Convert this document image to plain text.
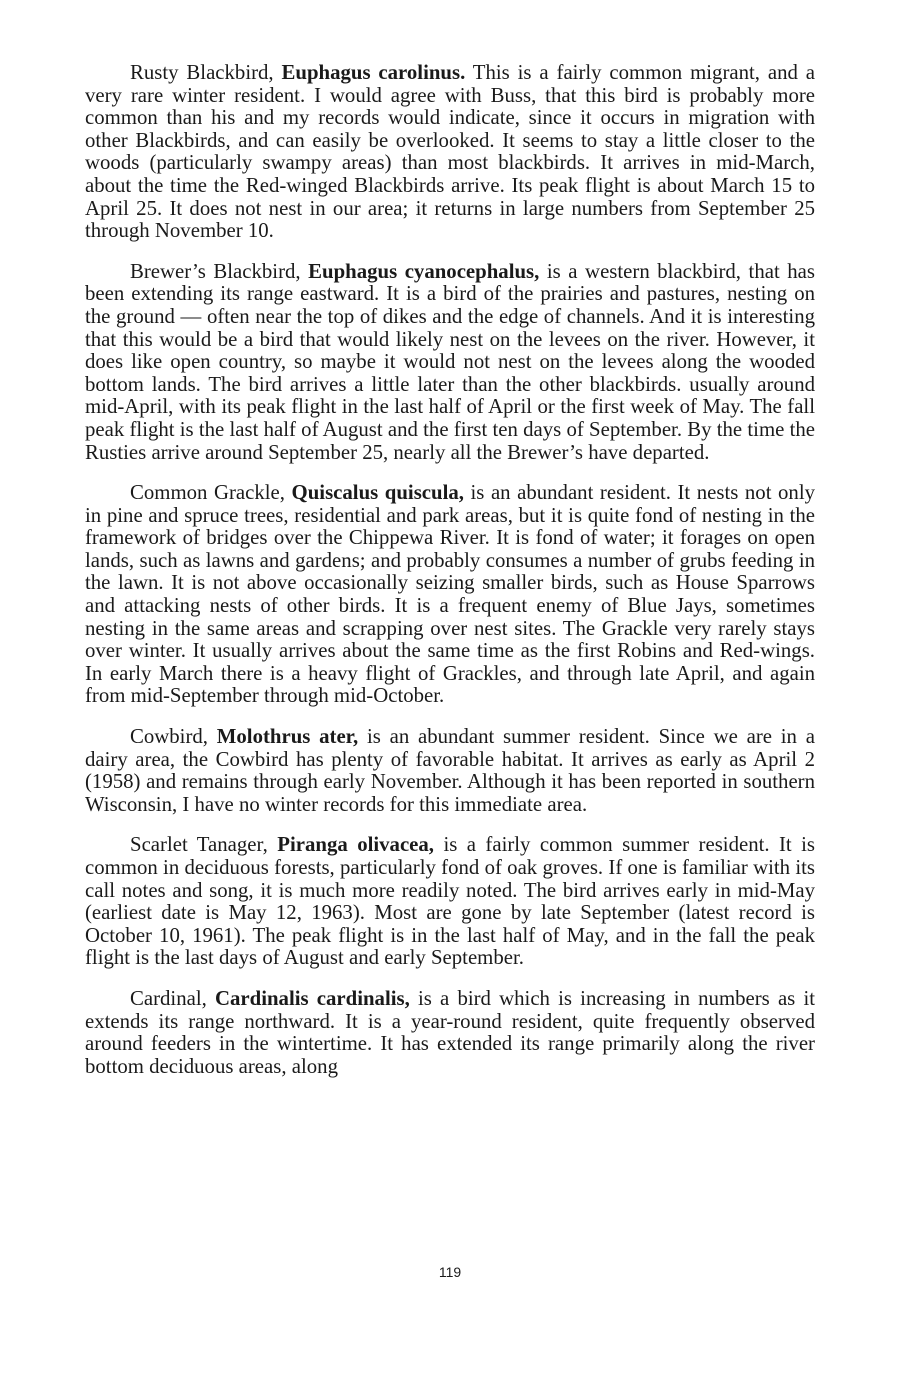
Rusty Blackbird, Euphagus carolinus. This is a fairly common migrant, and a very rare winter resident. I would agree with Buss, that this bird is probably more common than his and my records would indicate, since it occurs in migration with other Blackbirds, and can easily be overlooked. It seems to stay a little closer to the woods (particularly swampy areas) than most blackbirds. It arrives in mid-March, about the time the Red-winged Blackbirds arrive. Its peak flight is about March 15 to April 25. It does not nest in our area; it returns in large numbers from September 25 through November 10.

Brewer’s Blackbird, Euphagus cyanocephalus, is a western blackbird, that has been extending its range eastward. It is a bird of the prairies and pastures, nesting on the ground — often near the top of dikes and the edge of channels. And it is interesting that this would be a bird that would likely nest on the levees on the river. However, it does like open country, so maybe it would not nest on the levees along the wooded bottom lands. The bird arrives a little later than the other blackbirds. usually around mid-April, with its peak flight in the last half of April or the first week of May. The fall peak flight is the last half of August and the first ten days of September. By the time the Rusties arrive around September 25, nearly all the Brewer’s have departed.

Common Grackle, Quiscalus quiscula, is an abundant resident. It nests not only in pine and spruce trees, residential and park areas, but it is quite fond of nesting in the framework of bridges over the Chippewa River. It is fond of water; it forages on open lands, such as lawns and gardens; and probably consumes a number of grubs feeding in the lawn. It is not above occasionally seizing smaller birds, such as House Sparrows and attacking nests of other birds. It is a frequent enemy of Blue Jays, sometimes nesting in the same areas and scrapping over nest sites. The Grackle very rarely stays over winter. It usually arrives about the same time as the first Robins and Red-wings. In early March there is a heavy flight of Grackles, and through late April, and again from mid-September through mid-October.

Cowbird, Molothrus ater, is an abundant summer resident. Since we are in a dairy area, the Cowbird has plenty of favorable habitat. It arrives as early as April 2 (1958) and remains through early November. Although it has been reported in southern Wisconsin, I have no winter records for this immediate area.

Scarlet Tanager, Piranga olivacea, is a fairly common summer resident. It is common in deciduous forests, particularly fond of oak groves. If one is familiar with its call notes and song, it is much more readily noted. The bird arrives early in mid-May (earliest date is May 12, 1963). Most are gone by late September (latest record is October 10, 1961). The peak flight is in the last half of May, and in the fall the peak flight is the last days of August and early September.

Cardinal, Cardinalis cardinalis, is a bird which is increasing in numbers as it extends its range northward. It is a year-round resident, quite frequently observed around feeders in the wintertime. It has extended its range primarily along the river bottom deciduous areas, along

119
